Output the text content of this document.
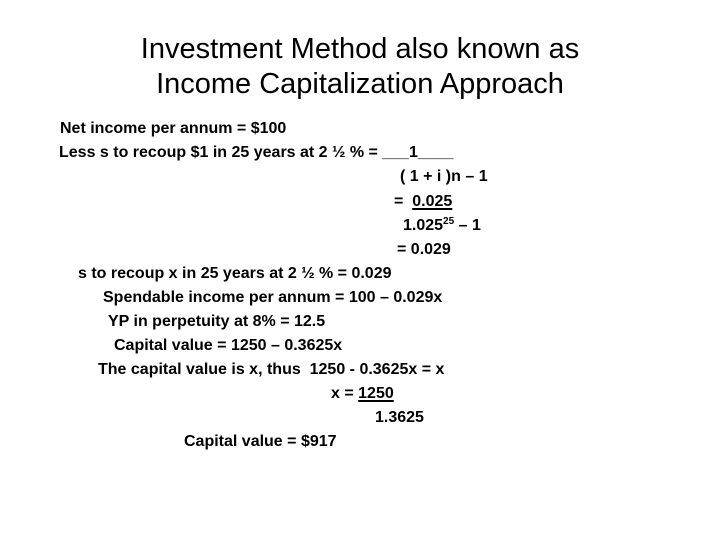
Investment Method also known as
Income Capitalization Approach
Net income per annum = $100
Less s to recoup $1 in 25 years at 2 ½ % = ___1____
( 1 + i )n – 1
=  0.025
1.025$^{25}$ – 1
= 0.029
s to recoup x in 25 years at 2 ½ % = 0.029
Spendable income per annum = 100 – 0.029x
YP in perpetuity at 8% = 12.5
Capital value = 1250 – 0.3625x
The capital value is x, thus  1250 - 0.3625x = x
x = 1250
1.3625
Capital value = $917
